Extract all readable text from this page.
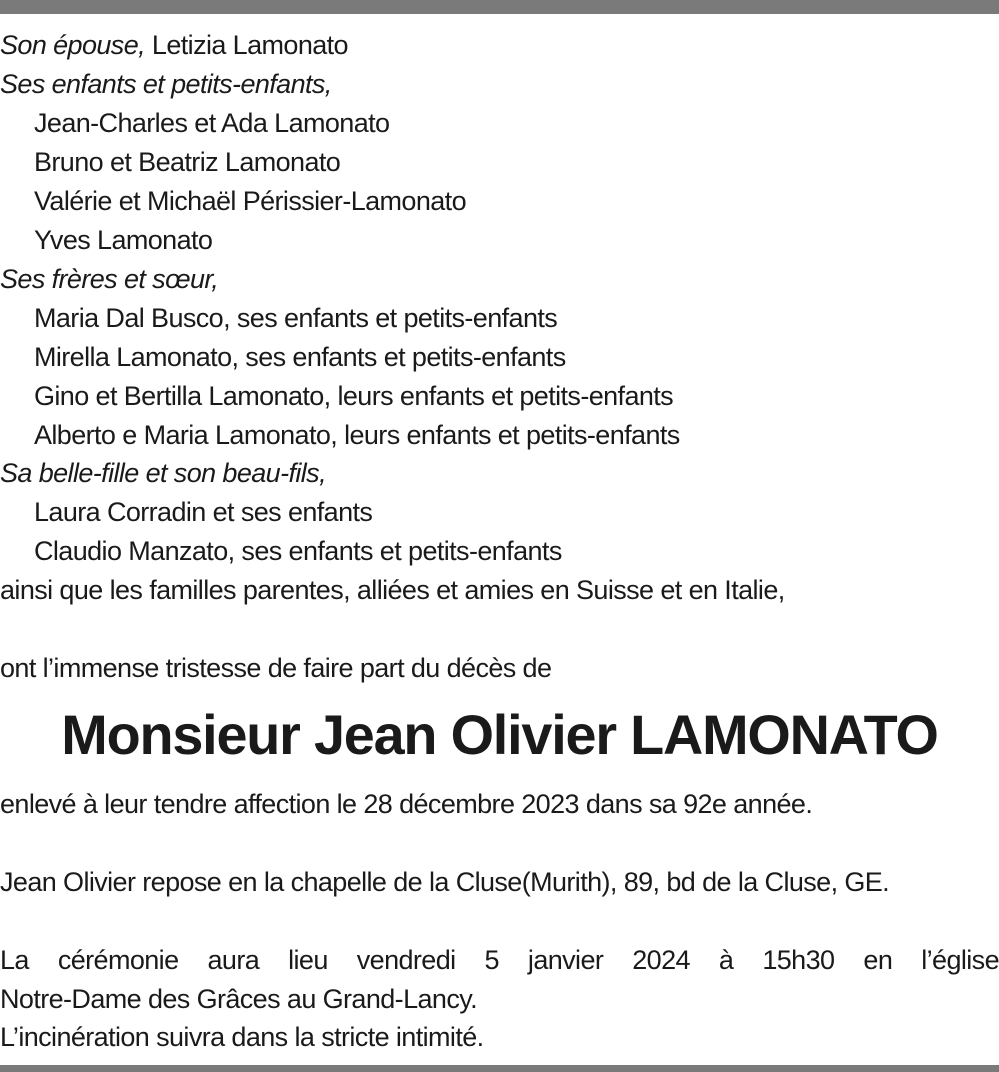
Son épouse, Letizia Lamonato
Ses enfants et petits-enfants,
Jean-Charles et Ada Lamonato
Bruno et Beatriz Lamonato
Valérie et Michaël Périssier-Lamonato
Yves Lamonato
Ses frères et sœur,
Maria Dal Busco, ses enfants et petits-enfants
Mirella Lamonato, ses enfants et petits-enfants
Gino et Bertilla Lamonato, leurs enfants et petits-enfants
Alberto e Maria Lamonato, leurs enfants et petits-enfants
Sa belle-fille et son beau-fils,
Laura Corradin et ses enfants
Claudio Manzato, ses enfants et petits-enfants
ainsi que les familles parentes, alliées et amies en Suisse et en Italie,
ont l’immense tristesse de faire part du décès de
Monsieur Jean Olivier LAMONATO
enlevé à leur tendre affection le 28 décembre 2023 dans sa 92e année.
Jean Olivier repose en la chapelle de la Cluse(Murith), 89, bd de la Cluse, GE.
La cérémonie aura lieu vendredi 5 janvier 2024 à 15h30 en l’église
Notre-Dame des Grâces au Grand-Lancy.
L’incinération suivra dans la stricte intimité.
